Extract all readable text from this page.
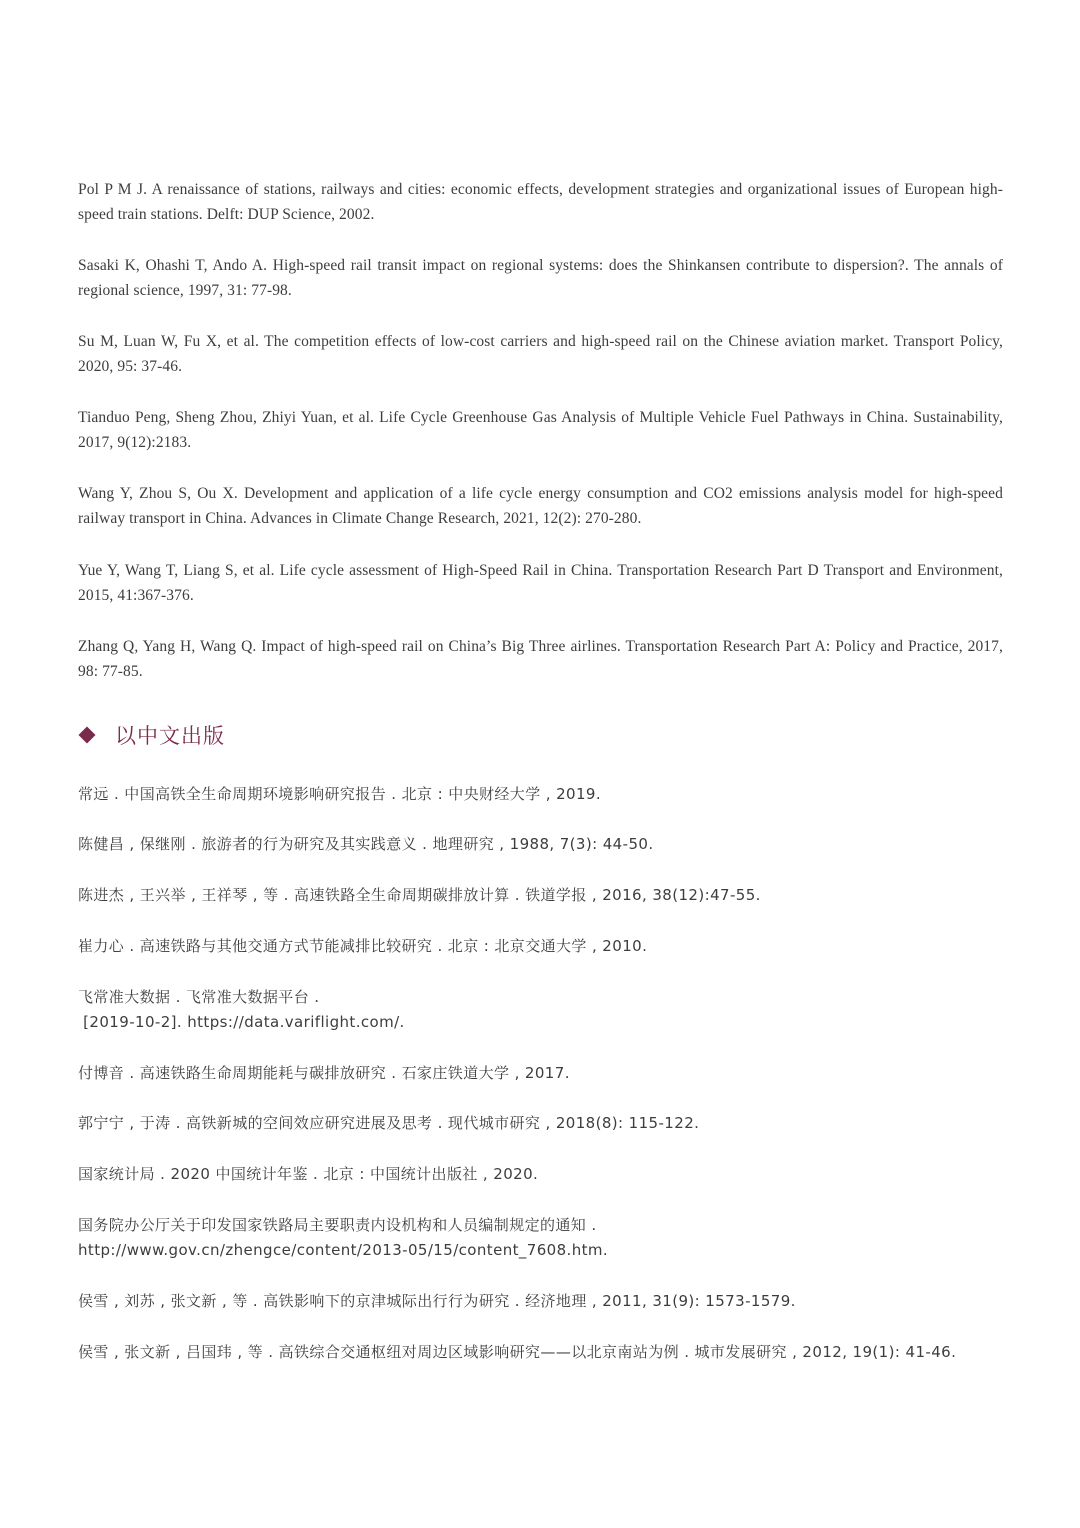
Pol P M J. A renaissance of stations, railways and cities: economic effects, development strategies and organizational issues of European high-speed train stations. Delft: DUP Science, 2002.

Sasaki K, Ohashi T, Ando A. High-speed rail transit impact on regional systems: does the Shinkansen contribute to dispersion?. The annals of regional science, 1997, 31: 77-98.

Su M, Luan W, Fu X, et al. The competition effects of low-cost carriers and high-speed rail on the Chinese aviation market. Transport Policy, 2020, 95: 37-46.

Tianduo Peng, Sheng Zhou, Zhiyi Yuan, et al. Life Cycle Greenhouse Gas Analysis of Multiple Vehicle Fuel Pathways in China. Sustainability, 2017, 9(12):2183.

Wang Y, Zhou S, Ou X. Development and application of a life cycle energy consumption and CO2 emissions analysis model for high-speed railway transport in China. Advances in Climate Change Research, 2021, 12(2): 270-280.

Yue Y, Wang T, Liang S, et al. Life cycle assessment of High-Speed Rail in China. Transportation Research Part D Transport and Environment, 2015, 41:367-376.

Zhang Q, Yang H, Wang Q. Impact of high-speed rail on China’s Big Three airlines. Transportation Research Part A: Policy and Practice, 2017, 98: 77-85.

以中文出版

常远 . 中国高铁全生命周期环境影响研究报告 . 北京 : 中央财经大学 , 2019.

陈健昌 , 保继刚 . 旅游者的行为研究及其实践意义 . 地理研究 , 1988, 7(3): 44-50.

陈进杰 , 王兴举 , 王祥琴 , 等 . 高速铁路全生命周期碳排放计算 . 铁道学报 , 2016, 38(12):47-55.

崔力心 . 高速铁路与其他交通方式节能减排比较研究 . 北京 : 北京交通大学 , 2010.

飞常准大数据 . 飞常准大数据平台 .
[2019-10-2]. https://data.variflight.com/.

付博音 . 高速铁路生命周期能耗与碳排放研究 . 石家庄铁道大学 , 2017.

郭宁宁 , 于涛 . 高铁新城的空间效应研究进展及思考 . 现代城市研究 , 2018(8): 115-122.

国家统计局 . 2020 中国统计年鉴 . 北京 : 中国统计出版社 , 2020.

国务院办公厅关于印发国家铁路局主要职责内设机构和人员编制规定的通知 .
http://www.gov.cn/zhengce/content/2013-05/15/content_7608.htm.

侯雪 , 刘苏 , 张文新 , 等 . 高铁影响下的京津城际出行行为研究 . 经济地理 , 2011, 31(9): 1573-1579.

侯雪 , 张文新 , 吕国玮 , 等 . 高铁综合交通枢纽对周边区域影响研究——以北京南站为例 . 城市发展研究 , 2012, 19(1): 41-46.
